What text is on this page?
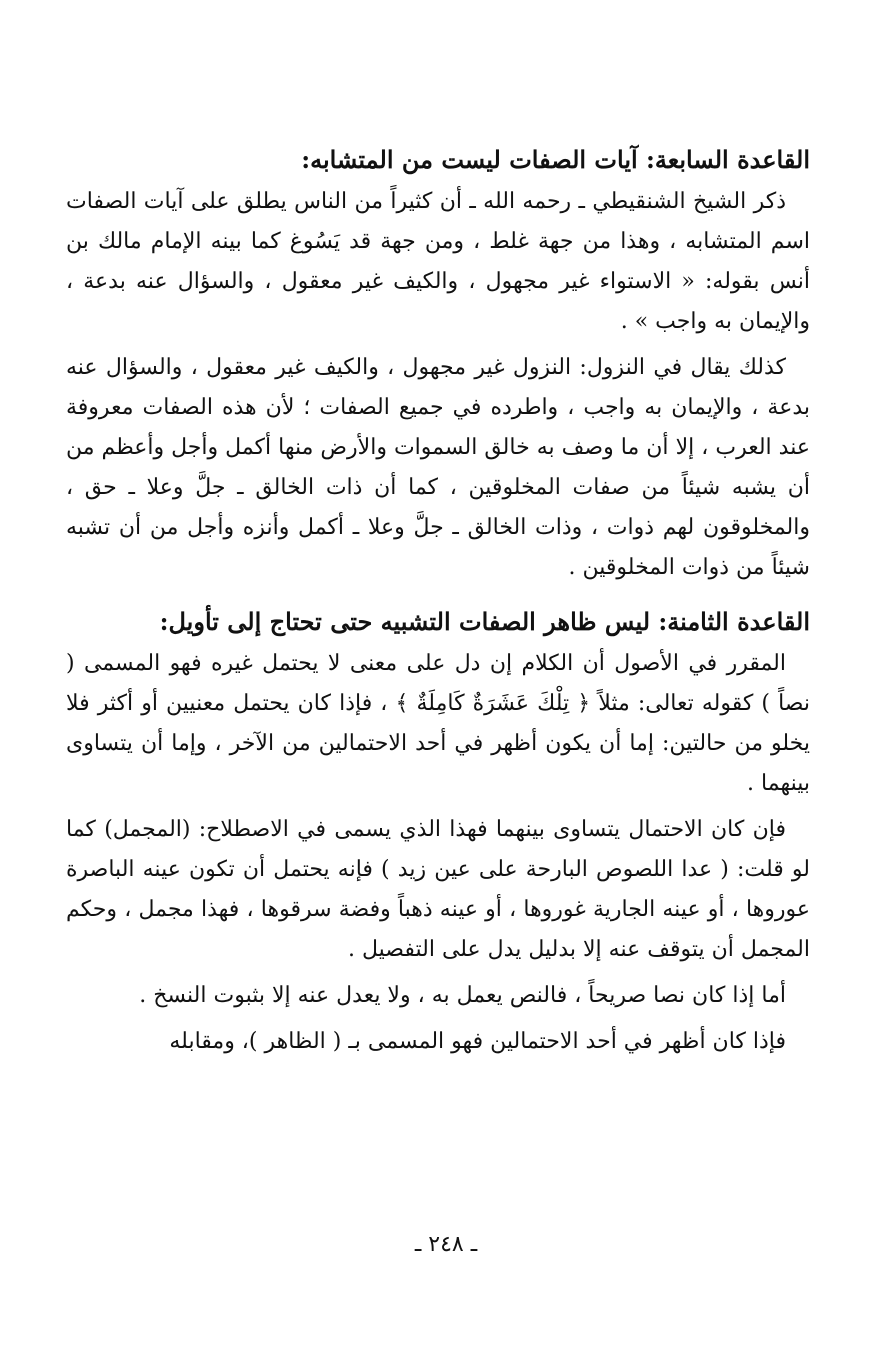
القاعدة السابعة: آيات الصفات ليست من المتشابه:

ذكر الشيخ الشنقيطي ـ رحمه الله ـ أن كثيراً من الناس يطلق على آيات الصفات اسم المتشابه ، وهذا من جهة غلط ، ومن جهة قد يَسُوغ كما بينه الإمام مالك بن أنس بقوله: « الاستواء غير مجهول ، والكيف غير معقول ، والسؤال عنه بدعة ، والإيمان به واجب » .

كذلك يقال في النزول: النزول غير مجهول ، والكيف غير معقول ، والسؤال عنه بدعة ، والإيمان به واجب ، واطرده في جميع الصفات ؛ لأن هذه الصفات معروفة عند العرب ، إلا أن ما وصف به خالق السموات والأرض منها أكمل وأجل وأعظم من أن يشبه شيئاً من صفات المخلوقين ، كما أن ذات الخالق ـ جلَّ وعلا ـ حق ، والمخلوقون لهم ذوات ، وذات الخالق ـ جلَّ وعلا ـ أكمل وأنزه وأجل من أن تشبه شيئاً من ذوات المخلوقين .

القاعدة الثامنة: ليس ظاهر الصفات التشبيه حتى تحتاج إلى تأويل:

المقرر في الأصول أن الكلام إن دل على معنى لا يحتمل غيره فهو المسمى ( نصاً ) كقوله تعالى: مثلاً ﴿ تِلْكَ عَشَرَةٌ كَامِلَةٌ ﴾ ، فإذا كان يحتمل معنيين أو أكثر فلا يخلو من حالتين: إما أن يكون أظهر في أحد الاحتمالين من الآخر ، وإما أن يتساوى بينهما .

فإن كان الاحتمال يتساوى بينهما فهذا الذي يسمى في الاصطلاح: (المجمل) كما لو قلت: ( عدا اللصوص البارحة على عين زيد ) فإنه يحتمل أن تكون عينه الباصرة عوروها ، أو عينه الجارية غوروها ، أو عينه ذهباً وفضة سرقوها ، فهذا مجمل ، وحكم المجمل أن يتوقف عنه إلا بدليل يدل على التفصيل .

أما إذا كان نصا صريحاً ، فالنص يعمل به ، ولا يعدل عنه إلا بثبوت النسخ .

فإذا كان أظهر في أحد الاحتمالين فهو المسمى بـ ( الظاهر )، ومقابله

ـ ٢٤٨ ـ
